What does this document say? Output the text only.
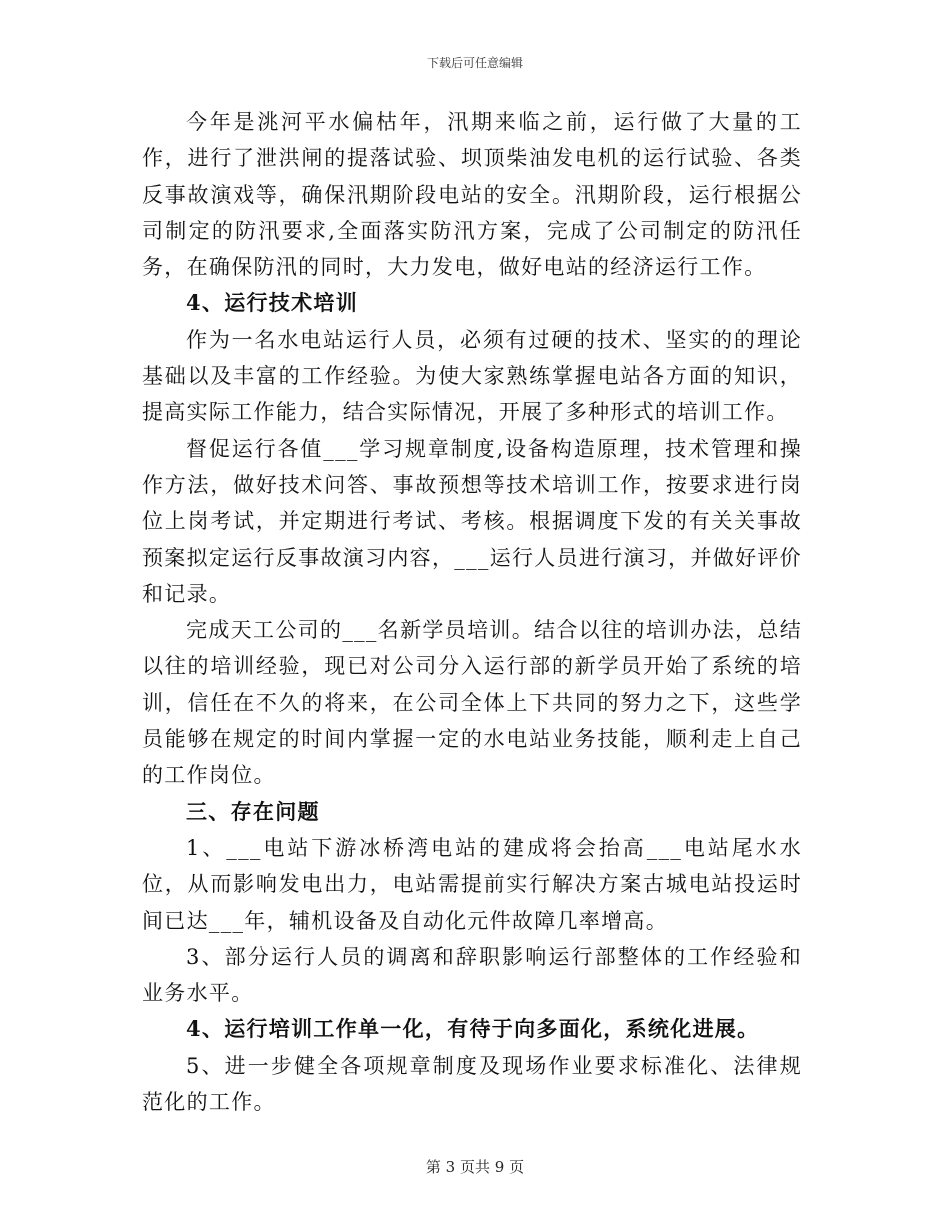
下载后可任意编辑

今年是洮河平水偏枯年，汛期来临之前，运行做了大量的工作，进行了泄洪闸的提落试验、坝顶柴油发电机的运行试验、各类反事故演戏等，确保汛期阶段电站的安全。汛期阶段，运行根据公司制定的防汛要求,全面落实防汛方案，完成了公司制定的防汛任务，在确保防汛的同时，大力发电，做好电站的经济运行工作。

4、运行技术培训

作为一名水电站运行人员，必须有过硬的技术、坚实的的理论基础以及丰富的工作经验。为使大家熟练掌握电站各方面的知识，提高实际工作能力，结合实际情况，开展了多种形式的培训工作。

督促运行各值___学习规章制度,设备构造原理，技术管理和操作方法，做好技术问答、事故预想等技术培训工作，按要求进行岗位上岗考试，并定期进行考试、考核。根据调度下发的有关关事故预案拟定运行反事故演习内容，___运行人员进行演习，并做好评价和记录。

完成天工公司的___名新学员培训。结合以往的培训办法，总结以往的培训经验，现已对公司分入运行部的新学员开始了系统的培训，信任在不久的将来，在公司全体上下共同的努力之下，这些学员能够在规定的时间内掌握一定的水电站业务技能，顺利走上自己的工作岗位。

三、存在问题

1、___电站下游冰桥湾电站的建成将会抬高___电站尾水水位，从而影响发电出力，电站需提前实行解决方案古城电站投运时间已达___年，辅机设备及自动化元件故障几率增高。

3、部分运行人员的调离和辞职影响运行部整体的工作经验和业务水平。

4、运行培训工作单一化，有待于向多面化，系统化进展。

5、进一步健全各项规章制度及现场作业要求标准化、法律规范化的工作。

第 3 页共 9 页
